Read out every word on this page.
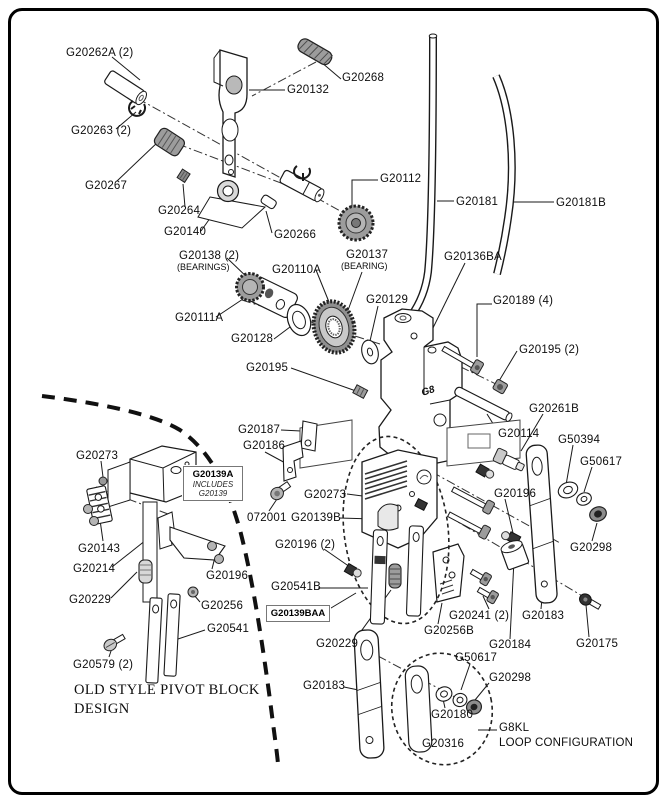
G8
G20262A (2)
G20268
G20132
G20263 (2)
G20112
G20267
G20181	G20181B
G20264
G20140	G20266
G20138 (2)
(BEARINGS)
G20137
(BEARING)
G20110A
G20136BA
G20129	G20189 (4)
G20111A
G20128
G20195 (2)
G20195
G20261B
G20187	G20114
G20186	G50394
G20273	G50617
G20273
072001 G20139B
G20196
G20143	G20196 (2)	G20298
G20214
G20196
G20541B
G20229	G20256
G20241 (2) G20183
G20541	G20256B
G20229	G20184	G20175
G50617
G20579 (2)
G20298
G20183
G20180
G20316
G8KL
LOOP CONFIGURATION
OLD STYLE PIVOT BLOCK
DESIGN
G20139A
INCLUDES
G20139
G20139BAA
